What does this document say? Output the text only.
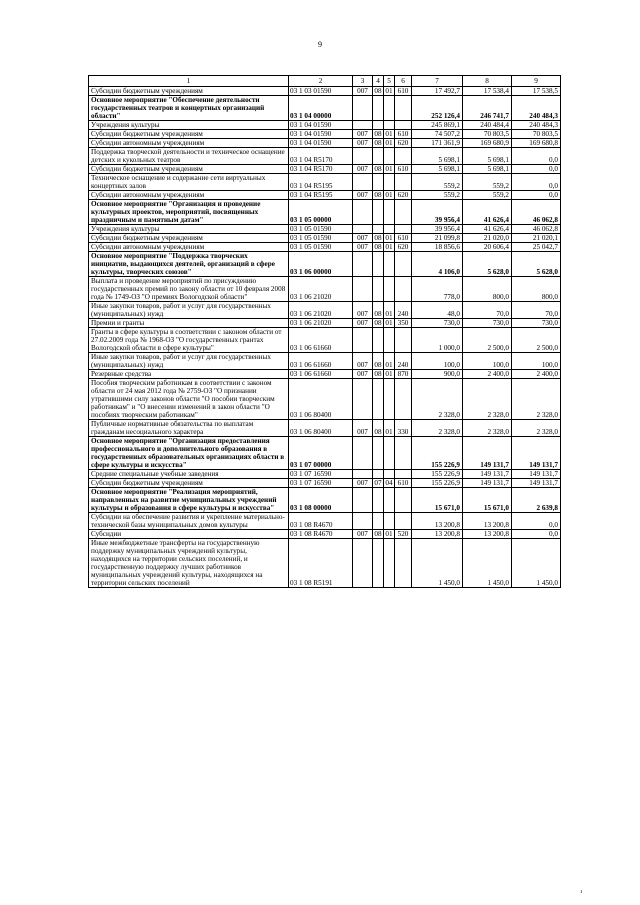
9
1	2	3	4	5	6	7	8	9
Субсидии бюджетным учреждениям	03 1 03 01590	007	08	01	610	17 492,7	17 538,4	17 538,5
Основное мероприятие "Обеспечение деятельности государственных театров и концертных организаций области"	03 1 04 00000					252 126,4	246 741,7	240 484,3
Учреждения культуры	03 1 04 01590					245 869,1	240 484,4	240 484,3
Субсидии бюджетным учреждениям	03 1 04 01590	007	08	01	610	74 507,2	70 803,5	70 803,5
Субсидии автономным учреждениям	03 1 04 01590	007	08	01	620	171 361,9	169 680,9	169 680,8
Поддержка творческой деятельности и техническое оснащение детских и кукольных театров	03 1 04 R5170					5 698,1	5 698,1	0,0
Субсидии бюджетным учреждениям	03 1 04 R5170	007	08	01	610	5 698,1	5 698,1	0,0
Техническое оснащение и содержание сети виртуальных концертных залов	03 1 04 R5195					559,2	559,2	0,0
Субсидии автономным учреждениям	03 1 04 R5195	007	08	01	620	559,2	559,2	0,0
Основное мероприятие "Организация и проведение культурных проектов, мероприятий, посвященных праздничным и памятным датам"	03 1 05 00000					39 956,4	41 626,4	46 062,8
Учреждения культуры	03 1 05 01590					39 956,4	41 626,4	46 062,8
Субсидии бюджетным учреждениям	03 1 05 01590	007	08	01	610	21 099,8	21 020,0	21 020,1
Субсидии автономным учреждениям	03 1 05 01590	007	08	01	620	18 856,6	20 606,4	25 042,7
Основное мероприятие "Поддержка творческих инициатив, выдающихся деятелей, организаций в сфере культуры, творческих союзов"	03 1 06 00000					4 106,0	5 628,0	5 628,0
Выплата и проведение мероприятий по присуждению государственных премий по закону области от 10 февраля 2008 года № 1749-ОЗ "О премиях Вологодской области"	03 1 06 21020					778,0	800,0	800,0
Иные закупки товаров, работ и услуг для государственных (муниципальных) нужд	03 1 06 21020	007	08	01	240	48,0	70,0	70,0
Премии и гранты	03 1 06 21020	007	08	01	350	730,0	730,0	730,0
Гранты в сфере культуры в соответствии с законом области от 27.02.2009 года № 1968-ОЗ "О государственных грантах Вологодской области в сфере культуры"	03 1 06 61660					1 000,0	2 500,0	2 500,0
Иные закупки товаров, работ и услуг для государственных (муниципальных) нужд	03 1 06 61660	007	08	01	240	100,0	100,0	100,0
Резервные средства	03 1 06 61660	007	08	01	870	900,0	2 400,0	2 400,0
Пособия творческим работникам в соответствии с законом области от 24 мая 2012 года № 2759-ОЗ "О признании утратившими силу законов области "О пособии творческим работникам" и "О внесении изменений в закон области "О пособиях творческим работникам"	03 1 06 80400					2 328,0	2 328,0	2 328,0
Публичные нормативные обязательства по выплатам гражданам несоциального характера	03 1 06 80400	007	08	01	330	2 328,0	2 328,0	2 328,0
Основное мероприятие "Организация предоставления профессионального и дополнительного образования в государственных образовательных организациях области в сфере культуры и искусства"	03 1 07 00000					155 226,9	149 131,7	149 131,7
Средние специальные учебные заведения	03 1 07 16590					155 226,9	149 131,7	149 131,7
Субсидии бюджетным учреждениям	03 1 07 16590	007	07	04	610	155 226,9	149 131,7	149 131,7
Основное мероприятие "Реализация мероприятий, направленных на развитие муниципальных учреждений культуры и образования в сфере культуры и искусства"	03 1 08 00000					15 671,0	15 671,0	2 639,8
Субсидии на обеспечение развития и укрепление материально-технической базы муниципальных домов культуры	03 1 08 R4670					13 200,8	13 200,8	0,0
Субсидии	03 1 08 R4670	007	08	01	520	13 200,8	13 200,8	0,0
Иные межбюджетные трансферты на государственную поддержку муниципальных учреждений культуры, находящихся на территории сельских поселений, и государственную поддержку лучших работников муниципальных учреждений культуры, находящихся на территории сельских поселений	03 1 08 R5191					1 450,0	1 450,0	1 450,0
ı
